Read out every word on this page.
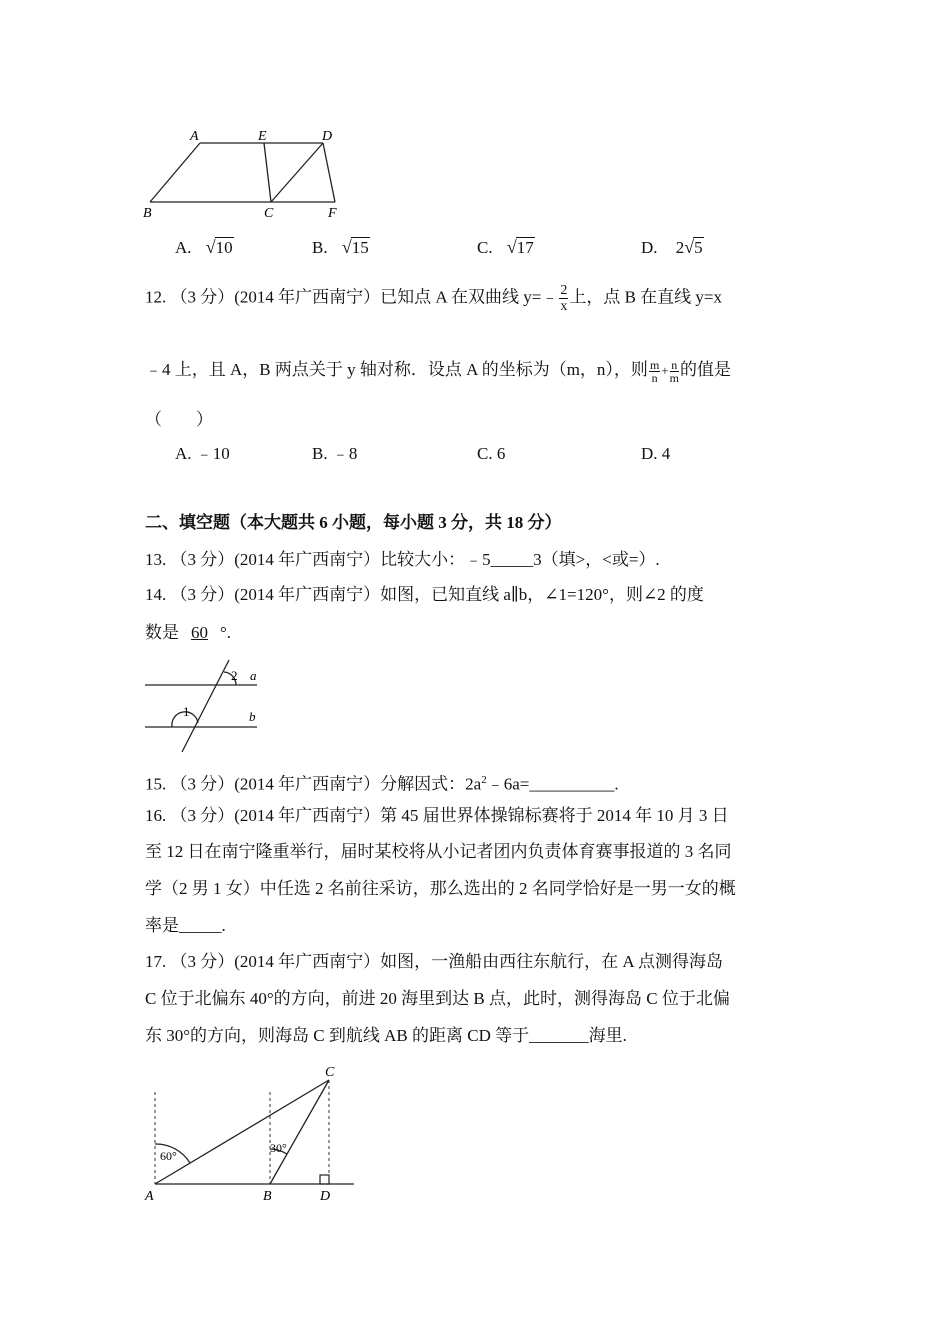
A	E	D
B	C	F
A. √10	B. √15	C. √17	D. 2√5
12. （3 分）(2014 年广西南宁）已知点 A 在双曲线 y=﹣ $\frac{2}{x}$ 上，点 B 在直线 y=x
﹣4 上，且 A，B 两点关于 y 轴对称．设点 A 的坐标为（m，n），则 $\frac{m}{n} + \frac{n}{m}$ 的值是
（　　）
A. ﹣10	B. ﹣8	C. 6	D. 4
二、填空题（本大题共 6 小题，每小题 3 分，共 18 分）
13. （3 分）(2014 年广西南宁）比较大小：﹣5_____3（填>，<或=）.
14. （3 分）(2014 年广西南宁）如图，已知直线 a∥b，∠1=120°，则∠2 的度
数是 60 °.
2 a
1	b
15. （3 分）(2014 年广西南宁）分解因式：$2a^2﹣6a=\_\_\_\_\_\_\_\_\_\_$.
16. （3 分）(2014 年广西南宁）第 45 届世界体操锦标赛将于 2014 年 10 月 3 日
至 12 日在南宁隆重举行，届时某校将从小记者团内负责体育赛事报道的 3 名同
学（2 男 1 女）中任选 2 名前往采访，那么选出的 2 名同学恰好是一男一女的概
率是_____.
17. （3 分）(2014 年广西南宁）如图，一渔船由西往东航行，在 A 点测得海岛
C 位于北偏东 40°的方向，前进 20 海里到达 B 点，此时，测得海岛 C 位于北偏
东 30°的方向，则海岛 C 到航线 AB 的距离 CD 等于_______海里.
C
60°
30°
A	B	D
